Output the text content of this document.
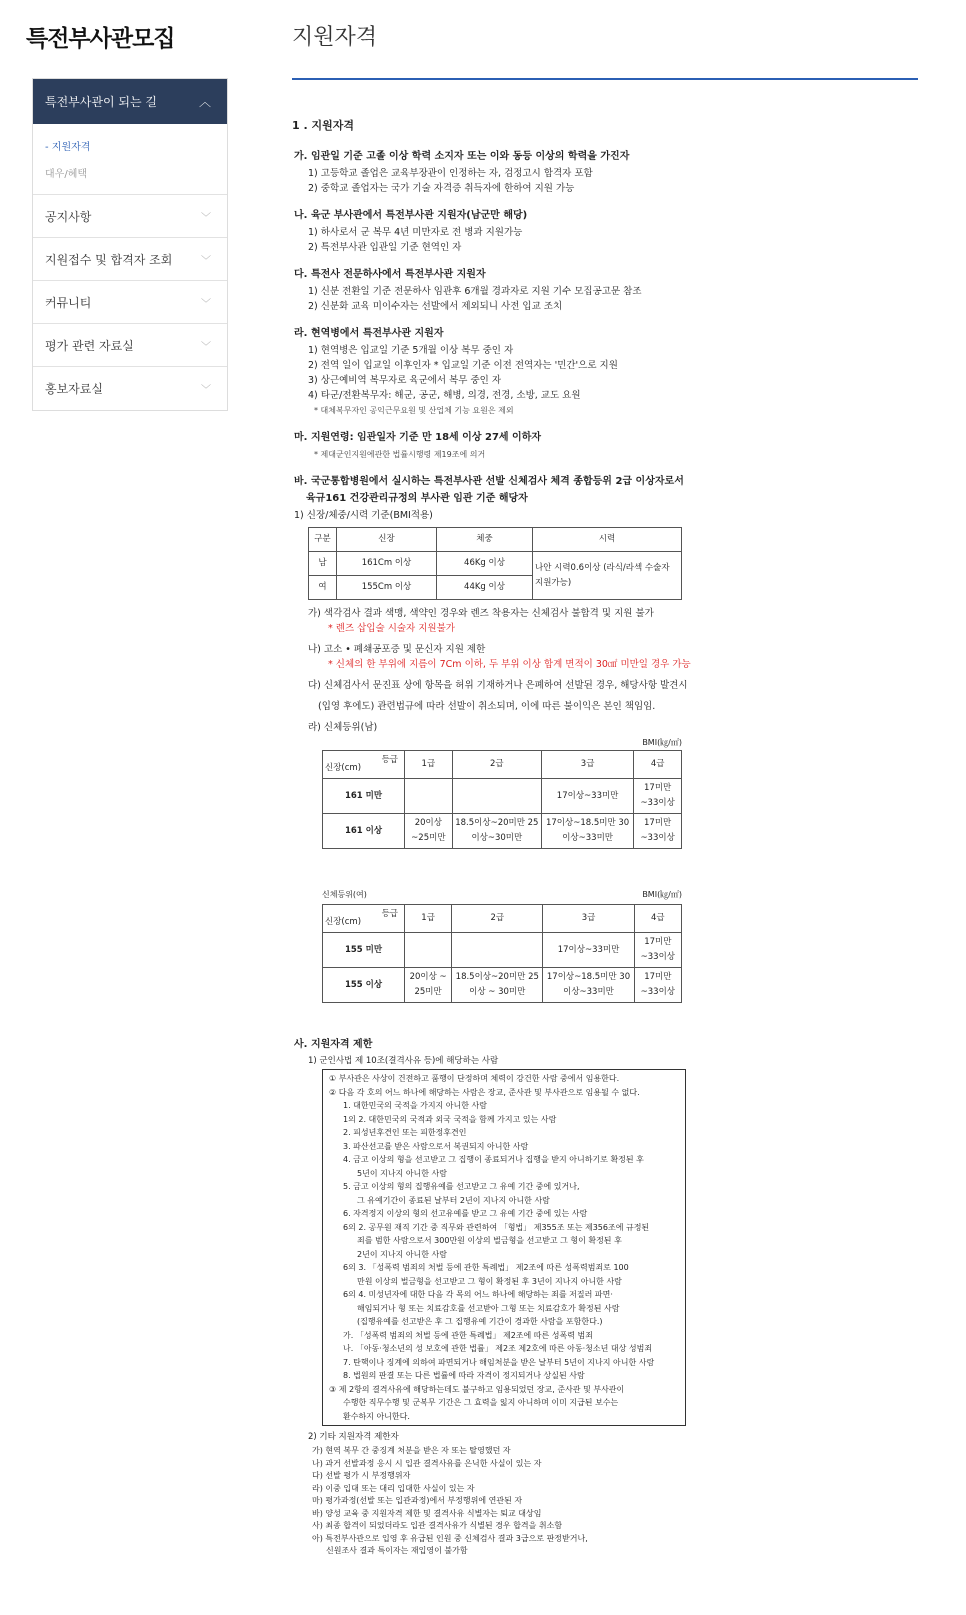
특전부사관모집
특전부사관이 되는 길	︿
- 지원자격
대우/혜택
공지사항	﹀
지원접수 및 합격자 조회	﹀
커뮤니티	﹀
평가 관련 자료실	﹀
홍보자료실	﹀
지원자격
1 . 지원자격
가. 임관일 기준 고졸 이상 학력 소지자 또는 이와 동등 이상의 학력을 가진자
1) 고등학교 졸업은 교육부장관이 인정하는 자, 검정고시 합격자 포함
2) 중학교 졸업자는 국가 기술 자격증 취득자에 한하여 지원 가능
나. 육군 부사관에서 특전부사관 지원자(남군만 해당)
1) 하사로서 군 복무 4년 미만자로 전 병과 지원가능
2) 특전부사관 입관일 기준 현역인 자
다. 특전사 전문하사에서 특전부사관 지원자
1) 신분 전환일 기준 전문하사 임관후 6개월 경과자로 지원 기수 모집공고문 참조
2) 신분화 교육 미이수자는 선발에서 제외되니 사전 입교 조치
라. 현역병에서 특전부사관 지원자
1) 현역병은 입교일 기준 5개월 이상 복무 중인 자
2) 전역 일이 입교일 이후인자 * 입교일 기준 이전 전역자는 '민간'으로 지원
3) 상근예비역 복무자로 육군에서 복무 중인 자
4) 타군/전환복무자: 해군, 공군, 해병, 의경, 전경, 소방, 교도 요원
* 대체복무자인 공익근무요원 및 산업체 기능 요원은 제외
마. 지원연령: 임관일자 기준 만 18세 이상 27세 이하자
* 제대군인지원에관한 법률시행령 제19조에 의거
바. 국군통합병원에서 실시하는 특전부사관 선발 신체검사 체격 종합등위 2급 이상자로서
육규161 건강관리규정의 부사관 임관 기준 해당자
1) 신장/체중/시력 기준(BMI적용)
구분	신장	체중	시력
남	161Cm 이상	46Kg 이상	나안 시력0.6이상 (라식/라섹 수술자 지원가능)
여	155Cm 이상	44Kg 이상	
가) 색각검사 결과 색맹, 색약인 경우와 렌즈 착용자는 신체검사 불합격 및 지원 불가
* 렌즈 삽입술 시술자 지원불가
나) 고소 • 폐쇄공포증 및 문신자 지원 제한
* 신체의 한 부위에 지름이 7Cm 이하, 두 부위 이상 합계 면적이 30㎠ 미만일 경우 가능
다) 신체검사서 문진표 상에 항목을 허위 기재하거나 은폐하여 선발된 경우, 해당사항 발견시
(입영 후에도) 관련법규에 따라 선발이 취소되며, 이에 따른 불이익은 본인 책임임.
라) 신체등위(남)
BMI(㎏/㎡)
등급
신장(cm)	1급	2급	3급	4급
161 미만			17이상~33미만	17미만~33이상
161 이상	20이상~25미만	18.5이상~20미만 25이상~30미만	17이상~18.5미만 30이상~33미만	17미만~33이상
신체등위(여)	BMI(㎏/㎡)
등급
신장(cm)	1급	2급	3급	4급
155 미만			17이상~33미만	17미만~33이상
155 이상	20이상 ~ 25미만	18.5이상~20미만 25이상 ~ 30미만	17이상~18.5미만 30이상~33미만	17미만~33이상
사. 지원자격 제한
1) 군인사법 제 10조(결격사유 등)에 해당하는 사람
① 부사관은 사상이 건전하고 품행이 단정하며 체력이 강건한 사람 중에서 임용한다.
② 다음 각 호의 어느 하나에 해당하는 사람은 장교, 준사관 및 부사관으로 임용될 수 없다.
1. 대한민국의 국적을 가지지 아니한 사람
1의 2. 대한민국의 국적과 외국 국적을 함께 가지고 있는 사람
2. 피성년후견인 또는 피한정후견인
3. 파산선고를 받은 사람으로서 복권되지 아니한 사람
4. 금고 이상의 형을 선고받고 그 집행이 종료되거나 집행을 받지 아니하기로 확정된 후
5년이 지나지 아니한 사람
5. 금고 이상의 형의 집행유예를 선고받고 그 유예 기간 중에 있거나,
그 유예기간이 종료된 날부터 2년이 지나지 아니한 사람
6. 자격정지 이상의 형의 선고유예를 받고 그 유예 기간 중에 있는 사람
6의 2. 공무원 재직 기간 중 직무와 관련하여 「형법」 제355조 또는 제356조에 규정된
죄를 범한 사람으로서 300만원 이상의 벌금형을 선고받고 그 형이 확정된 후
2년이 지나지 아니한 사람
6의 3. 「성폭력 범죄의 처벌 등에 관한 특례법」 제2조에 따른 성폭력범죄로 100
만원 이상의 벌금형을 선고받고 그 형이 확정된 후 3년이 지나지 아니한 사람
6의 4. 미성년자에 대한 다음 각 목의 어느 하나에 해당하는 죄를 저질러 파면·
해임되거나 형 또는 치료감호를 선고받아 그형 또는 치료감호가 확정된 사람
(집행유예를 선고받은 후 그 집행유예 기간이 경과한 사람을 포함한다.)
가. 「성폭력 범죄의 처벌 등에 관한 특례법」 제2조에 따른 성폭력 범죄
나. 「아동·청소년의 성 보호에 관한 법률」 제2조 제2호에 따른 아동·청소년 대상 성범죄
7. 탄핵이나 징계에 의하여 파면되거나 해임처분을 받은 날부터 5년이 지나지 아니한 사람
8. 법원의 판결 또는 다른 법률에 따라 자격이 정지되거나 상실된 사람
③ 제 2항의 결격사유에 해당하는데도 불구하고 임용되었던 장교, 준사관 및 부사관이
수행한 직무수행 및 군복무 기간은 그 효력을 잃지 아니하며 이미 지급된 보수는
환수하지 아니한다.
2) 기타 지원자격 제한자
가) 현역 복무 간 중징계 처분을 받은 자 또는 탈영했던 자
나) 과거 선발과정 응시 시 입관 결격사유를 은닉한 사실이 있는 자
다) 선발 평가 시 부정행위자
라) 이중 입대 또는 대리 입대한 사실이 있는 자
마) 평가과정(선발 또는 입관과정)에서 부정행위에 연관된 자
바) 양성 교육 중 지원자격 제한 및 결격사유 식별자는 퇴교 대상임
사) 최종 합격이 되었더라도 입관 결격사유가 식별된 경우 합격을 취소함
아) 특전부사관으로 입영 후 유급된 인원 중 신체검사 결과 3급으로 판정받거나,
신원조사 결과 특이자는 재입영이 불가함
